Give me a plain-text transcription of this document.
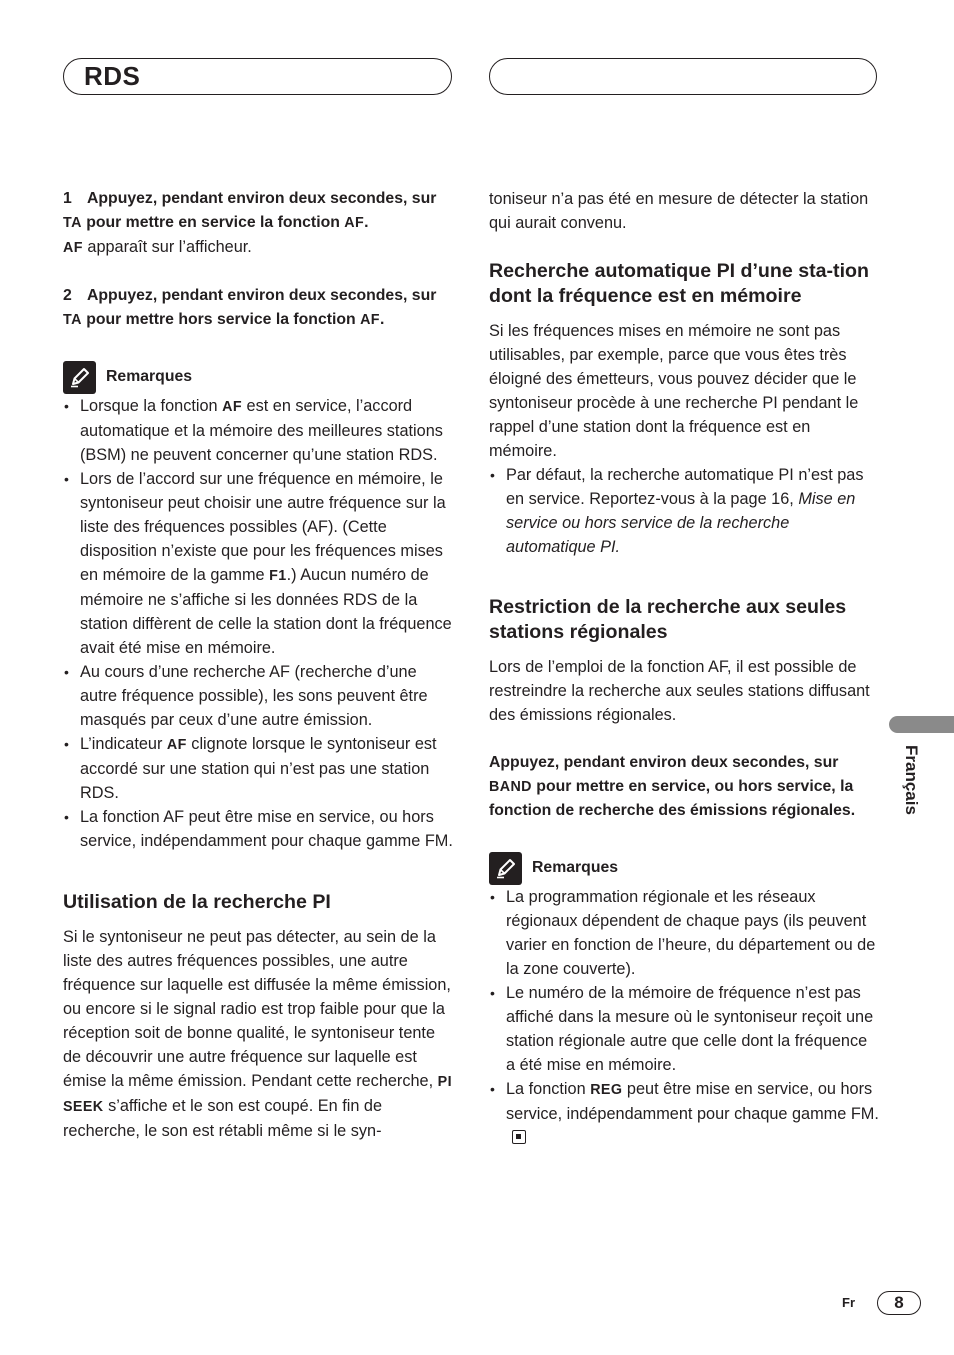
RDS

1 Appuyez, pendant environ deux secondes, sur TA pour mettre en service la fonction AF.

AF apparaît sur l’afficheur.

2 Appuyez, pendant environ deux secondes, sur TA pour mettre hors service la fonction AF.

Remarques
• Lorsque la fonction AF est en service, l’accord automatique et la mémoire des meilleures stations (BSM) ne peuvent concerner qu’une station RDS.
• Lors de l’accord sur une fréquence en mémoire, le syntoniseur peut choisir une autre fréquence sur la liste des fréquences possibles (AF). (Cette disposition n’existe que pour les fréquences mises en mémoire de la gamme F1.) Aucun numéro de mémoire ne s’affiche si les données RDS de la station diffèrent de celle la station dont la fréquence avait été mise en mémoire.
• Au cours d’une recherche AF (recherche d’une autre fréquence possible), les sons peuvent être masqués par ceux d’une autre émission.
• L’indicateur AF clignote lorsque le syntoniseur est accordé sur une station qui n’est pas une station RDS.
• La fonction AF peut être mise en service, ou hors service, indépendamment pour chaque gamme FM.
Utilisation de la recherche PI

Si le syntoniseur ne peut pas détecter, au sein de la liste des autres fréquences possibles, une autre fréquence sur laquelle est diffusée la même émission, ou encore si le signal radio est trop faible pour que la réception soit de bonne qualité, le syntoniseur tente de découvrir une autre fréquence sur laquelle est émise la même émission. Pendant cette recherche, PI SEEK s’affiche et le son est coupé. En fin de recherche, le son est rétabli même si le syn-

toniseur n’a pas été en mesure de détecter la station qui aurait convenu.

Recherche automatique PI d’une sta-tion dont la fréquence est en mémoire

Si les fréquences mises en mémoire ne sont pas utilisables, par exemple, parce que vous êtes très éloigné des émetteurs, vous pouvez décider que le syntoniseur procède à une recherche PI pendant le rappel d’une station dont la fréquence est en mémoire.

• Par défaut, la recherche automatique PI n’est pas en service. Reportez-vous à la page 16, Mise en service ou hors service de la recherche automatique PI.
Restriction de la recherche aux seules stations régionales

Lors de l’emploi de la fonction AF, il est possible de restreindre la recherche aux seules stations diffusant des émissions régionales.

Appuyez, pendant environ deux secondes, sur BAND pour mettre en service, ou hors service, la fonction de recherche des émissions régionales.

Remarques
• La programmation régionale et les réseaux régionaux dépendent de chaque pays (ils peuvent varier en fonction de l’heure, du département ou de la zone couverte).
• Le numéro de la mémoire de fréquence n’est pas affiché dans la mesure où le syntoniseur reçoit une station régionale autre que celle dont la fréquence a été mise en mémoire.
• La fonction REG peut être mise en service, ou hors service, indépendamment pour chaque gamme FM.
Français
Fr	8
